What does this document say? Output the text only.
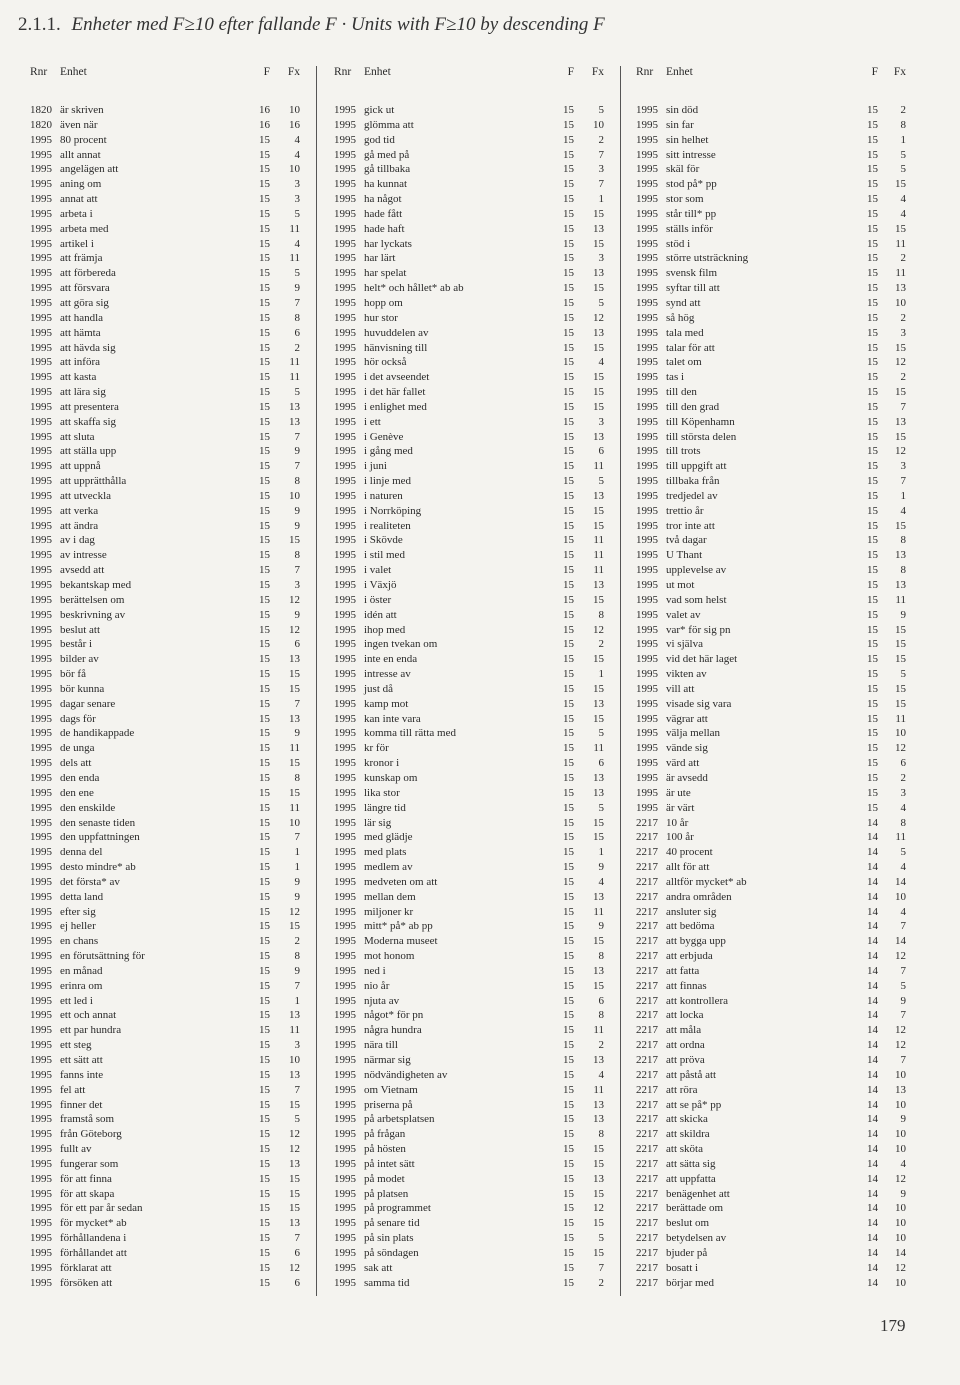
2.1.1. Enheter med F≥10 efter fallande F · Units with F≥10 by descending F
Rnr Enhet	F	Fx
1820 är skriven	16	10
1820 även när	16	16
1995 80 procent	15	4
1995 allt annat	15	4
1995 angelägen att	15	10
1995 aning om	15	3
1995 annat att	15	3
1995 arbeta i	15	5
1995 arbeta med	15	11
1995 artikel i	15	4
1995 att främja	15	11
1995 att förbereda	15	5
1995 att försvara	15	9
1995 att göra sig	15	7
1995 att handla	15	8
1995 att hämta	15	6
1995 att hävda sig	15	2
1995 att införa	15	11
1995 att kasta	15	11
1995 att lära sig	15	5
1995 att presentera	15	13
1995 att skaffa sig	15	13
1995 att sluta	15	7
1995 att ställa upp	15	9
1995 att uppnå	15	7
1995 att upprätthålla	15	8
1995 att utveckla	15	10
1995 att verka	15	9
1995 att ändra	15	9
1995 av i dag	15	15
1995 av intresse	15	8
1995 avsedd att	15	7
1995 bekantskap med	15	3
1995 berättelsen om	15	12
1995 beskrivning av	15	9
1995 beslut att	15	12
1995 består i	15	6
1995 bilder av	15	13
1995 bör få	15	15
1995 bör kunna	15	15
1995 dagar senare	15	7
1995 dags för	15	13
1995 de handikappade	15	9
1995 de unga	15	11
1995 dels att	15	15
1995 den enda	15	8
1995 den ene	15	15
1995 den enskilde	15	11
1995 den senaste tiden	15	10
1995 den uppfattningen	15	7
1995 denna del	15	1
1995 desto mindre* ab	15	1
1995 det första* av	15	9
1995 detta land	15	9
1995 efter sig	15	12
1995 ej heller	15	15
1995 en chans	15	2
1995 en förutsättning för	15	8
1995 en månad	15	9
1995 erinra om	15	7
1995 ett led i	15	1
1995 ett och annat	15	13
1995 ett par hundra	15	11
1995 ett steg	15	3
1995 ett sätt att	15	10
1995 fanns inte	15	13
1995 fel att	15	7
1995 finner det	15	15
1995 framstå som	15	5
1995 från Göteborg	15	12
1995 fullt av	15	12
1995 fungerar som	15	13
1995 för att finna	15	15
1995 för att skapa	15	15
1995 för ett par år sedan	15	15
1995 för mycket* ab	15	13
1995 förhållandena i	15	7
1995 förhållandet att	15	6
1995 förklarat att	15	12
1995 försöken att	15	6
Rnr Enhet	F	Fx
1995 gick ut	15	5
1995 glömma att	15	10
1995 god tid	15	2
1995 gå med på	15	7
1995 gå tillbaka	15	3
1995 ha kunnat	15	7
1995 ha något	15	1
1995 hade fått	15	15
1995 hade haft	15	13
1995 har lyckats	15	15
1995 har lärt	15	3
1995 har spelat	15	13
1995 helt* och hållet* ab ab	15	15
1995 hopp om	15	5
1995 hur stor	15	12
1995 huvuddelen av	15	13
1995 hänvisning till	15	15
1995 hör också	15	4
1995 i det avseendet	15	15
1995 i det här fallet	15	15
1995 i enlighet med	15	15
1995 i ett	15	3
1995 i Genève	15	13
1995 i gång med	15	6
1995 i juni	15	11
1995 i linje med	15	5
1995 i naturen	15	13
1995 i Norrköping	15	15
1995 i realiteten	15	15
1995 i Skövde	15	11
1995 i stil med	15	11
1995 i valet	15	11
1995 i Växjö	15	13
1995 i öster	15	15
1995 idén att	15	8
1995 ihop med	15	12
1995 ingen tvekan om	15	2
1995 inte en enda	15	15
1995 intresse av	15	1
1995 just då	15	15
1995 kamp mot	15	13
1995 kan inte vara	15	15
1995 komma till rätta med	15	5
1995 kr för	15	11
1995 kronor i	15	6
1995 kunskap om	15	13
1995 lika stor	15	13
1995 längre tid	15	5
1995 lär sig	15	15
1995 med glädje	15	15
1995 med plats	15	1
1995 medlem av	15	9
1995 medveten om att	15	4
1995 mellan dem	15	13
1995 miljoner kr	15	11
1995 mitt* på* ab pp	15	9
1995 Moderna museet	15	15
1995 mot honom	15	8
1995 ned i	15	13
1995 nio år	15	15
1995 njuta av	15	6
1995 något* för pn	15	8
1995 några hundra	15	11
1995 nära till	15	2
1995 närmar sig	15	13
1995 nödvändigheten av	15	4
1995 om Vietnam	15	11
1995 priserna på	15	13
1995 på arbetsplatsen	15	13
1995 på frågan	15	8
1995 på hösten	15	15
1995 på intet sätt	15	15
1995 på modet	15	13
1995 på platsen	15	15
1995 på programmet	15	12
1995 på senare tid	15	15
1995 på sin plats	15	5
1995 på söndagen	15	15
1995 sak att	15	7
1995 samma tid	15	2
Rnr Enhet	F	Fx
1995 sin död	15	2
1995 sin far	15	8
1995 sin helhet	15	1
1995 sitt intresse	15	5
1995 skäl för	15	5
1995 stod på* pp	15	15
1995 stor som	15	4
1995 står till* pp	15	4
1995 ställs inför	15	15
1995 stöd i	15	11
1995 större utsträckning	15	2
1995 svensk film	15	11
1995 syftar till att	15	13
1995 synd att	15	10
1995 så hög	15	2
1995 tala med	15	3
1995 talar för att	15	15
1995 talet om	15	12
1995 tas i	15	2
1995 till den	15	15
1995 till den grad	15	7
1995 till Köpenhamn	15	13
1995 till största delen	15	15
1995 till trots	15	12
1995 till uppgift att	15	3
1995 tillbaka från	15	7
1995 tredjedel av	15	1
1995 trettio år	15	4
1995 tror inte att	15	15
1995 två dagar	15	8
1995 U Thant	15	13
1995 upplevelse av	15	8
1995 ut mot	15	13
1995 vad som helst	15	11
1995 valet av	15	9
1995 var* för sig pn	15	15
1995 vi själva	15	15
1995 vid det här laget	15	15
1995 vikten av	15	5
1995 vill att	15	15
1995 visade sig vara	15	15
1995 vägrar att	15	11
1995 välja mellan	15	10
1995 vände sig	15	12
1995 värd att	15	6
1995 är avsedd	15	2
1995 är ute	15	3
1995 är värt	15	4
2217 10 år	14	8
2217 100 år	14	11
2217 40 procent	14	5
2217 allt för att	14	4
2217 alltför mycket* ab	14	14
2217 andra områden	14	10
2217 ansluter sig	14	4
2217 att bedöma	14	7
2217 att bygga upp	14	14
2217 att erbjuda	14	12
2217 att fatta	14	7
2217 att finnas	14	5
2217 att kontrollera	14	9
2217 att locka	14	7
2217 att måla	14	12
2217 att ordna	14	12
2217 att pröva	14	7
2217 att påstå att	14	10
2217 att röra	14	13
2217 att se på* pp	14	10
2217 att skicka	14	9
2217 att skildra	14	10
2217 att sköta	14	10
2217 att sätta sig	14	4
2217 att uppfatta	14	12
2217 benägenhet att	14	9
2217 berättade om	14	10
2217 beslut om	14	10
2217 betydelsen av	14	10
2217 bjuder på	14	14
2217 bosatt i	14	12
2217 börjar med	14	10
179
